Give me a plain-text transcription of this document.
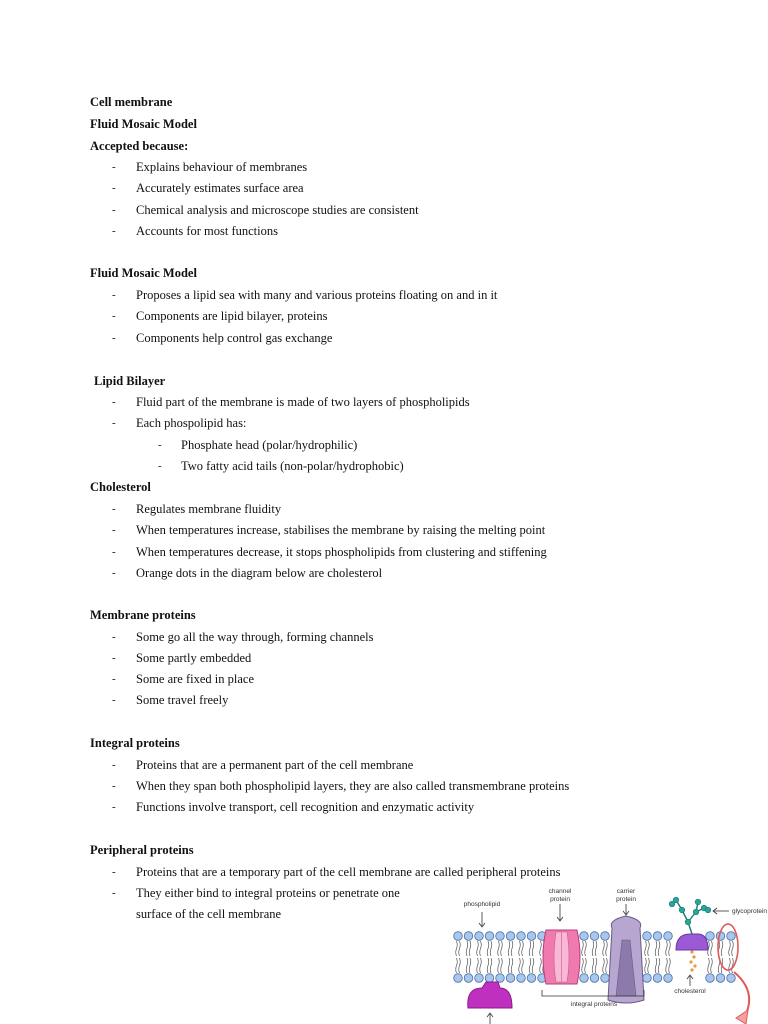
Cell membrane
Fluid Mosaic Model
Accepted because:
- Explains behaviour of membranes
- Accurately estimates surface area
- Chemical analysis and microscope studies are consistent
- Accounts for most functions
Fluid Mosaic Model
- Proposes a lipid sea with many and various proteins floating on and in it
- Components are lipid bilayer, proteins
- Components help control gas exchange
Lipid Bilayer
- Fluid part of the membrane is made of two layers of phospholipids
- Each phospolipid has:
- Phosphate head (polar/hydrophilic)
- Two fatty acid tails (non-polar/hydrophobic)
Cholesterol
- Regulates membrane fluidity
- When temperatures increase, stabilises the membrane by raising the melting point
- When temperatures decrease, it stops phospholipids from clustering and stiffening
- Orange dots in the diagram below are cholesterol
Membrane proteins
- Some go all the way through, forming channels
- Some partly embedded
- Some are fixed in place
- Some travel freely
Integral proteins
- Proteins that are a permanent part of the cell membrane
- When they span both phospholipid layers, they are also called transmembrane proteins
- Functions involve transport, cell recognition and enzymatic activity
Peripheral proteins
- Proteins that are a temporary part of the cell membrane are called peripheral proteins
- They either bind to integral proteins or penetrate one
surface of the cell membrane
phospholipid
channel
protein
carrier
protein
glycoprotein
cholesterol
integral proteins
